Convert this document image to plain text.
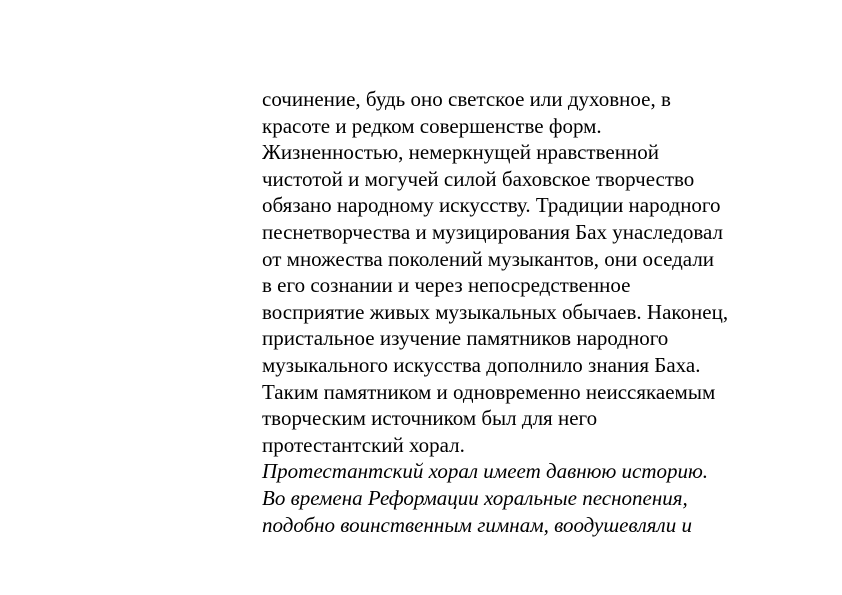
сочинение, будь оно светское или духовное, в
красоте и редком совершенстве форм.
Жизненностью, немеркнущей нравственной
чистотой и могучей силой баховское творчество
обязано народному искусству. Традиции народного
песнетворчества и музицирования Бах унаследовал
от множества поколений музыкантов, они оседали
в его сознании и через непосредственное
восприятие живых музыкальных обычаев. Наконец,
пристальное изучение памятников народного
музыкального искусства дополнило знания Баха.
Таким памятником и одновременно неиссякаемым
творческим источником был для него
протестантский хорал.
Протестантский хорал имеет давнюю историю.
Во времена Реформации хоральные песнопения,
подобно воинственным гимнам, воодушевляли и
